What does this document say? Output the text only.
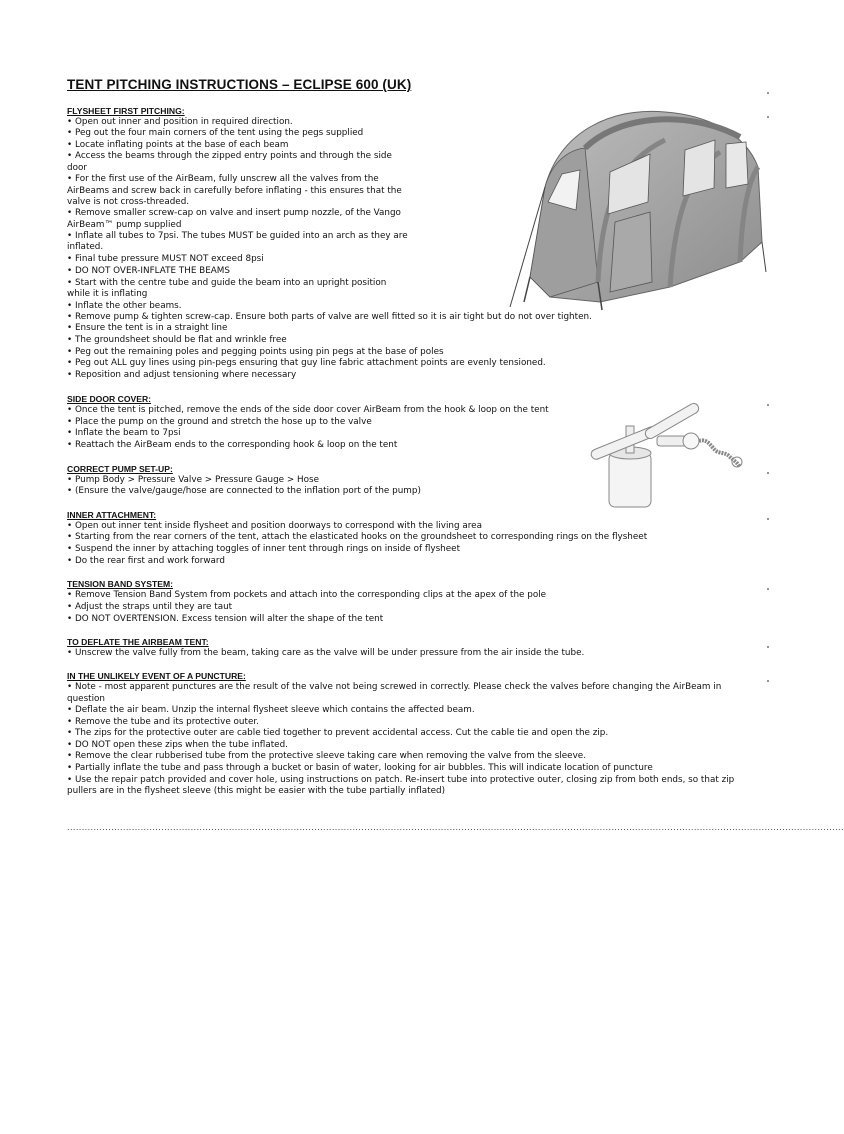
TENT PITCHING INSTRUCTIONS – ECLIPSE 600 (UK)
FLYSHEET FIRST PITCHING:
• Open out inner and position in required direction.
• Peg out the four main corners of the tent using the pegs supplied
• Locate inflating points at the base of each beam
• Access the beams through the zipped entry points and through the side
door
• For the first use of the AirBeam, fully unscrew all the valves from the
AirBeams and screw back in carefully before inflating - this ensures that the
valve is not cross-threaded.
• Remove smaller screw-cap on valve and insert pump nozzle, of the Vango
AirBeam™ pump supplied
• Inflate all tubes to 7psi. The tubes MUST be guided into an arch as they are
inflated.
• Final tube pressure MUST NOT exceed 8psi
• DO NOT OVER-INFLATE THE BEAMS
• Start with the centre tube and guide the beam into an upright position
while it is inflating
• Inflate the other beams.
• Remove pump & tighten screw-cap. Ensure both parts of valve are well fitted so it is air tight but do not over tighten.
• Ensure the tent is in a straight line
• The groundsheet should be flat and wrinkle free
• Peg out the remaining poles and pegging points using pin pegs at the base of poles
• Peg out ALL guy lines using pin-pegs ensuring that guy line fabric attachment points are evenly tensioned.
• Reposition and adjust tensioning where necessary
SIDE DOOR COVER:
• Once the tent is pitched, remove the ends of the side door cover AirBeam from the hook & loop on the tent
• Place the pump on the ground and stretch the hose up to the valve
• Inflate the beam to 7psi
• Reattach the AirBeam ends to the corresponding hook & loop on the tent
CORRECT PUMP SET-UP:
• Pump Body > Pressure Valve > Pressure Gauge > Hose
• (Ensure the valve/gauge/hose are connected to the inflation port of the pump)
INNER ATTACHMENT:
• Open out inner tent inside flysheet and position doorways to correspond with the living area
• Starting from the rear corners of the tent, attach the elasticated hooks on the groundsheet to corresponding rings on the flysheet
• Suspend the inner by attaching toggles of inner tent through rings on inside of flysheet
• Do the rear first and work forward
TENSION BAND SYSTEM:
• Remove Tension Band System from pockets and attach into the corresponding clips at the apex of the pole
• Adjust the straps until they are taut
• DO NOT OVERTENSION. Excess tension will alter the shape of the tent
TO DEFLATE THE AIRBEAM TENT:
• Unscrew the valve fully from the beam, taking care as the valve will be under pressure from the air inside the tube.
IN THE UNLIKELY EVENT OF A PUNCTURE:
• Note - most apparent punctures are the result of the valve not being screwed in correctly. Please check the valves before changing the AirBeam in
question
• Deflate the air beam. Unzip the internal flysheet sleeve which contains the affected beam.
• Remove the tube and its protective outer.
• The zips for the protective outer are cable tied together to prevent accidental access. Cut the cable tie and open the zip.
• DO NOT open these zips when the tube inflated.
• Remove the clear rubberised tube from the protective sleeve taking care when removing the valve from the sleeve.
• Partially inflate the tube and pass through a bucket or basin of water, looking for air bubbles. This will indicate location of puncture
• Use the repair patch provided and cover hole, using instructions on patch. Re-insert tube into protective outer, closing zip from both ends, so that zip
pullers are in the flysheet sleeve (this might be easier with the tube partially inflated)
........................................................................................................................................................................................................................................................................
